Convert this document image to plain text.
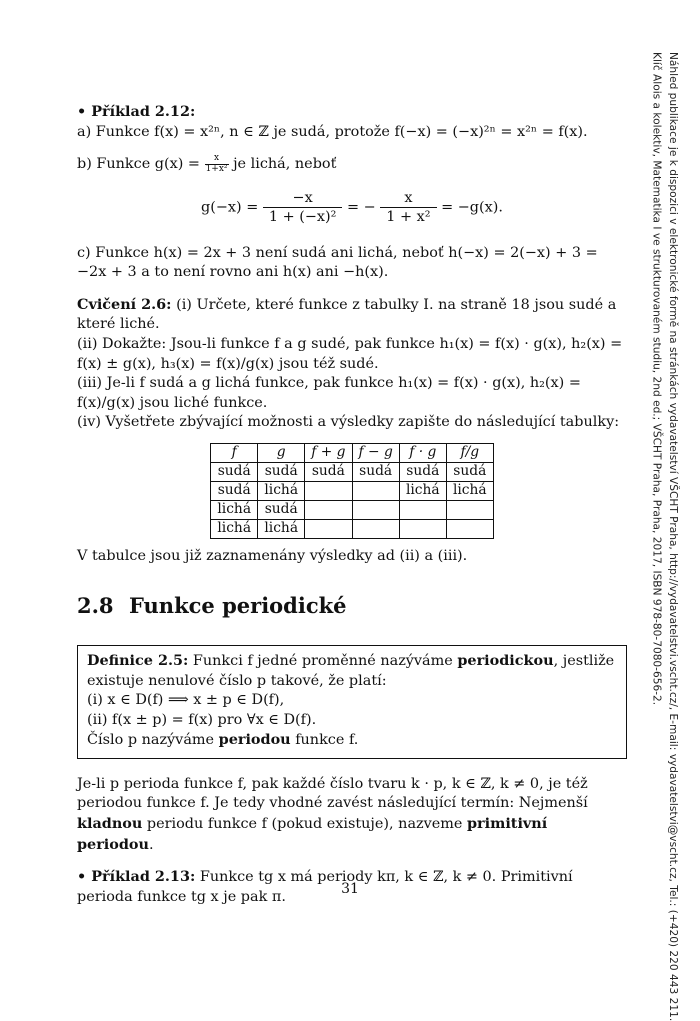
• Příklad 2.12:
a) Funkce f(x) = x²ⁿ, n ∈ ℤ je sudá, protože f(−x) = (−x)²ⁿ = x²ⁿ = f(x).

b) Funkce $g(x) = \frac{x}{\text{1+x²}}$ je lichá, neboť

$g(-x) = \frac{-x}{\text{1 + (−x)²}}$ = − $\frac{x}{\text{1 + x²}} = -g(x)$.

c) Funkce h(x) = 2x + 3 není sudá ani lichá, neboť h(−x) = 2(−x) + 3 = −2x + 3 a to není rovno ani h(x) ani −h(x).

Cvičení 2.6: (i) Určete, které funkce z tabulky I. na straně 18 jsou sudé a které liché.

(ii) Dokažte: Jsou-li funkce f a g sudé, pak funkce h₁(x) = f(x) · g(x), h₂(x) = f(x) ± g(x), h₃(x) = f(x)/g(x) jsou též sudé.

(iii) Je-li f sudá a g lichá funkce, pak funkce h₁(x) = f(x) · g(x), h₂(x) = f(x)/g(x) jsou liché funkce.

(iv) Vyšetřete zbývající možnosti a výsledky zapište do následující tabulky:

f	g	f + g	f − g	f · g	f/g
sudá	sudá	sudá	sudá	sudá	sudá
sudá	lichá			lichá	lichá
lichá	sudá				
lichá	lichá				

V tabulce jsou již zaznamenány výsledky ad (ii) a (iii).

2.8 Funkce periodické

Definice 2.5: Funkci f jedné proměnné nazýváme periodickou, jestliže existuje nenulové číslo p takové, že platí:

(i) x ∈ D(f) ⟹ x ± p ∈ D(f),

(ii) f(x ± p) = f(x) pro ∀x ∈ D(f).

Číslo p nazýváme periodou funkce f.

Je-li p perioda funkce f, pak každé číslo tvaru k · p, k ∈ ℤ, k ≠ 0, je též periodou funkce f. Je tedy vhodné zavést následující termín: Nejmenší kladnou periodu funkce f (pokud existuje), nazveme primitivní periodou.

• Příklad 2.13: Funkce tg x má periody kπ, k ∈ ℤ, k ≠ 0. Primitivní perioda funkce tg x je pak π.	31	Náhled publikace je k dispozici v elektronické formě na stránkách vydavatelství VŠCHT Praha, http://vydavatelstvi.vscht.cz/, E-mail: vydavatelstvi@vscht.cz, Tel.: (+420) 220 443 211.
Klíč Alois a kolektiv, Matematika I ve strukturovaném studiu, 2nd ed.; VŠCHT Praha, Praha, 2017, ISBN 978-80-7080-656-2.
